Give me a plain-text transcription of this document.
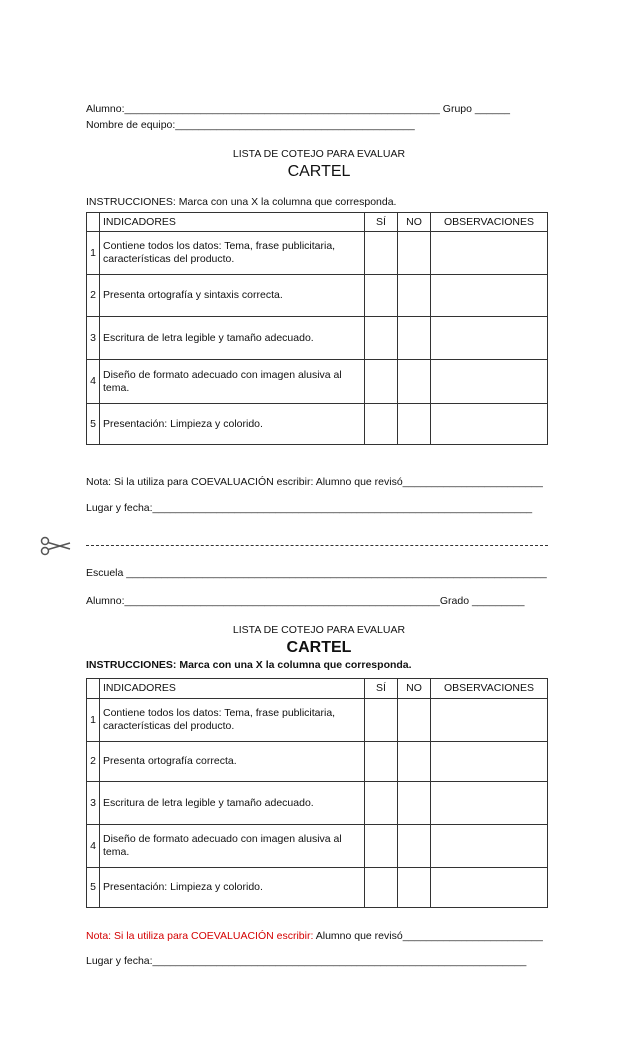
Alumno:______________________________________________________ Grupo ______
Nombre de equipo:_________________________________________
LISTA DE COTEJO PARA EVALUAR
CARTEL
INSTRUCCIONES: Marca con una X la columna que corresponda.
	INDICADORES	SÍ	NO	OBSERVACIONES
1	Contiene todos los datos: Tema, frase publicitaria,
características del producto.			
2	Presenta ortografía y sintaxis correcta.			
3	Escritura de letra legible y tamaño adecuado.			
4	Diseño de formato adecuado con imagen alusiva al
tema.			
5	Presentación: Limpieza y colorido.			
Nota: Si la utiliza para COEVALUACIÓN escribir: Alumno que revisó________________________
Lugar y fecha:_________________________________________________________________
Escuela ________________________________________________________________________
Alumno:______________________________________________________Grado _________
LISTA DE COTEJO PARA EVALUAR
CARTEL
INSTRUCCIONES: Marca con una X la columna que corresponda.
	INDICADORES	SÍ	NO	OBSERVACIONES
1	Contiene todos los datos: Tema, frase publicitaria,
características del producto.			
2	Presenta ortografía correcta.			
3	Escritura de letra legible y tamaño adecuado.			
4	Diseño de formato adecuado con imagen alusiva al
tema.			
5	Presentación: Limpieza y colorido.			
Nota: Si la utiliza para COEVALUACIÓN escribir: Alumno que revisó________________________
Lugar y fecha:________________________________________________________________
